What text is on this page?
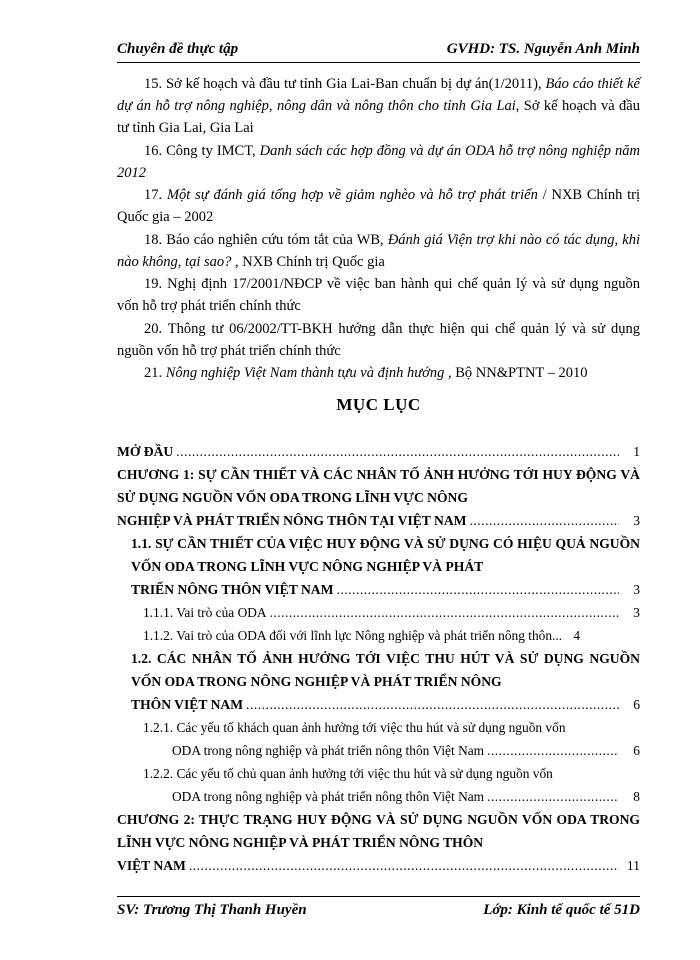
Chuyên đề thực tập	GVHD: TS. Nguyễn Anh Minh

15. Sở kế hoạch và đầu tư tỉnh Gia Lai-Ban chuẩn bị dự án(1/2011), Báo cáo thiết kế dự án hỗ trợ nông nghiệp, nông dân và nông thôn cho tỉnh Gia Lai, Sở kế hoạch và đầu tư tỉnh Gia Lai, Gia Lai

16. Công ty IMCT, Danh sách các hợp đồng và dự án ODA hỗ trợ nông nghiệp năm 2012

17. Một sự đánh giá tổng hợp về giảm nghèo và hỗ trợ phát triển / NXB Chính trị Quốc gia – 2002

18. Báo cáo nghiên cứu tóm tắt của WB, Đánh giá Viện trợ khi nào có tác dụng, khi nào không, tại sao? , NXB Chính trị Quốc gia

19. Nghị định 17/2001/NĐCP về việc ban hành qui chế quản lý và sử dụng nguồn vốn hỗ trợ phát triển chính thức

20. Thông tư 06/2002/TT-BKH hướng dẫn thực hiện qui chế quản lý và sử dụng nguồn vốn hỗ trợ phát triển chính thức

21. Nông nghiệp Việt Nam thành tựu và định hướng , Bộ NN&PTNT – 2010

MỤC LỤC
MỞ ĐẦU .....	1
CHƯƠNG 1: SỰ CẦN THIẾT VÀ CÁC NHÂN TỐ ẢNH HƯỞNG TỚI HUY ĐỘNG VÀ SỬ DỤNG NGUỒN VỐN ODA TRONG LĨNH VỰC NÔNG
NGHIỆP VÀ PHÁT TRIỂN NÔNG THÔN TẠI VIỆT NAM .....	3
1.1. SỰ CẦN THIẾT CỦA VIỆC HUY ĐỘNG VÀ SỬ DỤNG CÓ HIỆU QUẢ NGUỒN VỐN ODA TRONG LĨNH VỰC NÔNG NGHIỆP VÀ PHÁT
TRIỂN NÔNG THÔN VIỆT NAM .....	3
1.1.1. Vai trò của ODA .....	3
1.1.2. Vai trò của ODA đối với lĩnh lực Nông nghiệp và phát triển nông thôn... 4
1.2. CÁC NHÂN TỐ ẢNH HƯỞNG TỚI VIỆC THU HÚT VÀ SỬ DỤNG NGUỒN VỐN ODA TRONG NÔNG NGHIỆP VÀ PHÁT TRIỂN NÔNG
THÔN VIỆT NAM .....	6
1.2.1. Các yếu tố khách quan ảnh hưởng tới việc thu hút và sử dụng nguồn vốn
ODA trong nông nghiệp và phát triển nông thôn Việt Nam .....	6
1.2.2. Các yếu tố chủ quan ảnh hưởng tới việc thu hút và sử dụng nguồn vốn
ODA trong nông nghiệp và phát triển nông thôn Việt Nam .....	8
CHƯƠNG 2: THỰC TRẠNG HUY ĐỘNG VÀ SỬ DỤNG NGUỒN VỐN ODA TRONG LĨNH VỰC NÔNG NGHIỆP VÀ PHÁT TRIỂN NÔNG THÔN
VIỆT NAM .....	11
SV: Trương Thị Thanh Huyền	Lớp: Kinh tế quốc tế 51D
